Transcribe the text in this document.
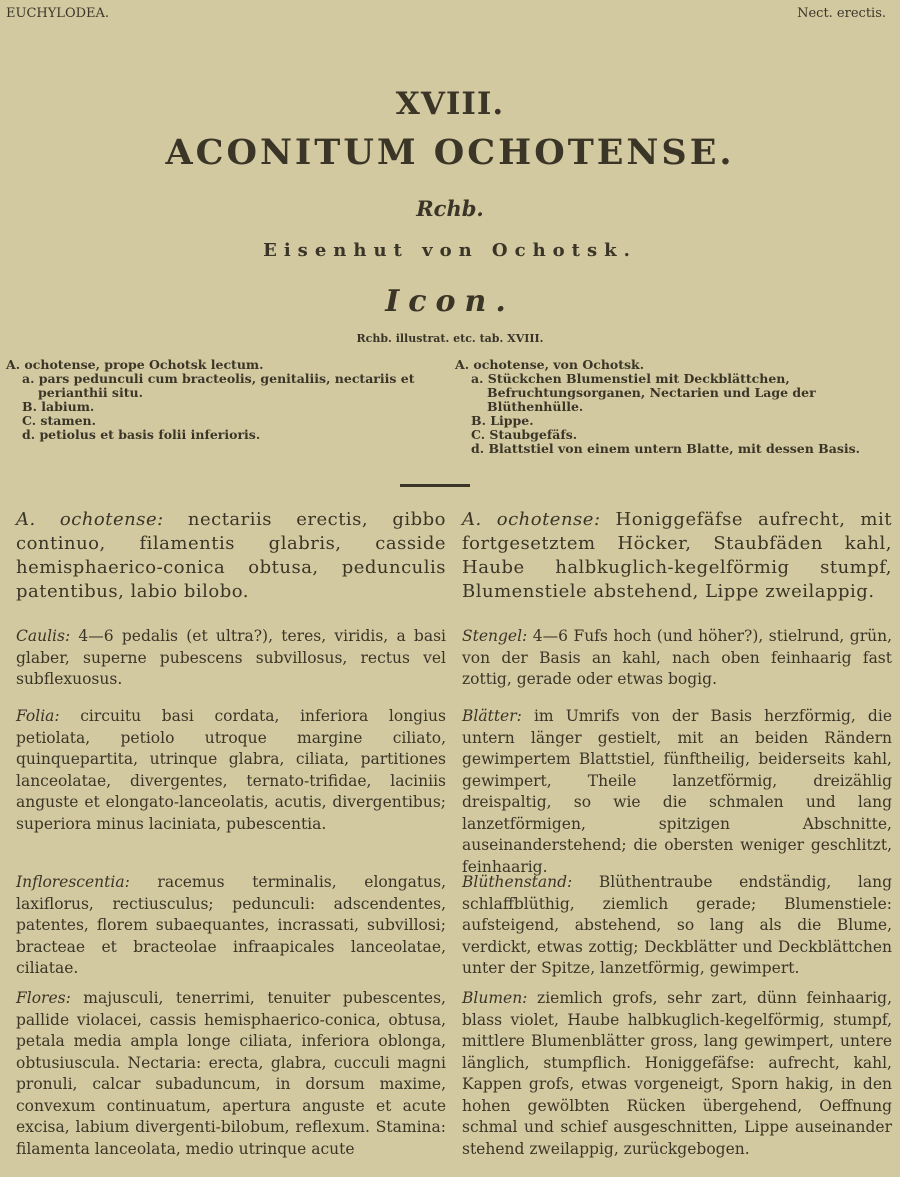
EUCHYLODEA.	Nect. erectis.
XVIII.
ACONITUM OCHOTENSE.
Rchb.
Eisenhut von Ochotsk.
Icon.
Rchb. illustrat. etc. tab. XVIII.
A. ochotense, prope Ochotsk lectum.
a. pars pedunculi cum bracteolis, genitaliis, nectariis et perianthii situ.
B. labium.
C. stamen.
d. petiolus et basis folii inferioris.
A. ochotense, von Ochotsk.
a. Stückchen Blumenstiel mit Deckblättchen, Befruchtungsorganen, Nectarien und Lage der Blüthenhülle.
B. Lippe.
C. Staubgefäfs.
d. Blattstiel von einem untern Blatte, mit dessen Basis.
A. ochotense: nectariis erectis, gibbo continuo, filamentis glabris, casside hemisphaerico-conica obtusa, pedunculis patentibus, labio bilobo.
Caulis: 4—6 pedalis (et ultra?), teres, viridis, a basi glaber, superne pubescens subvillosus, rectus vel subflexuosus.
Folia: circuitu basi cordata, inferiora longius petiolata, petiolo utroque margine ciliato, quinquepartita, utrinque glabra, ciliata, partitiones lanceolatae, divergentes, ternato-trifidae, laciniis anguste et elongato-lanceolatis, acutis, divergentibus; superiora minus laciniata, pubescentia.
Inflorescentia: racemus terminalis, elongatus, laxiflorus, rectiusculus; pedunculi: adscendentes, patentes, florem subaequantes, incrassati, subvillosi; bracteae et bracteolae infraapicales lanceolatae, ciliatae.
Flores: majusculi, tenerrimi, tenuiter pubescentes, pallide violacei, cassis hemisphaerico-conica, obtusa, petala media ampla longe ciliata, inferiora oblonga, obtusiuscula. Nectaria: erecta, glabra, cucculi magni pronuli, calcar subaduncum, in dorsum maxime, convexum continuatum, apertura anguste et acute excisa, labium divergenti-bilobum, reflexum. Stamina: filamenta lanceolata, medio utrinque acute
A. ochotense: Honiggefäfse aufrecht, mit fortgesetztem Höcker, Staubfäden kahl, Haube halbkuglich-kegelförmig stumpf, Blumenstiele abstehend, Lippe zweilappig.
Stengel: 4—6 Fufs hoch (und höher?), stielrund, grün, von der Basis an kahl, nach oben feinhaarig fast zottig, gerade oder etwas bogig.
Blätter: im Umrifs von der Basis herzförmig, die untern länger gestielt, mit an beiden Rändern gewimpertem Blattstiel, fünftheilig, beiderseits kahl, gewimpert, Theile lanzetförmig, dreizählig dreispaltig, so wie die schmalen und lang lanzetförmigen, spitzigen Abschnitte, auseinanderstehend; die obersten weniger geschlitzt, feinhaarig.
Blüthenstand: Blüthentraube endständig, lang schlaffblüthig, ziemlich gerade; Blumenstiele: aufsteigend, abstehend, so lang als die Blume, verdickt, etwas zottig; Deckblätter und Deckblättchen unter der Spitze, lanzetförmig, gewimpert.
Blumen: ziemlich grofs, sehr zart, dünn feinhaarig, blass violet, Haube halbkuglich-kegelförmig, stumpf, mittlere Blumenblätter gross, lang gewimpert, untere länglich, stumpflich. Honiggefäfse: aufrecht, kahl, Kappen grofs, etwas vorgeneigt, Sporn hakig, in den hohen gewölbten Rücken übergehend, Oeffnung schmal und schief ausgeschnitten, Lippe auseinander stehend zweilappig, zurückgebogen.
